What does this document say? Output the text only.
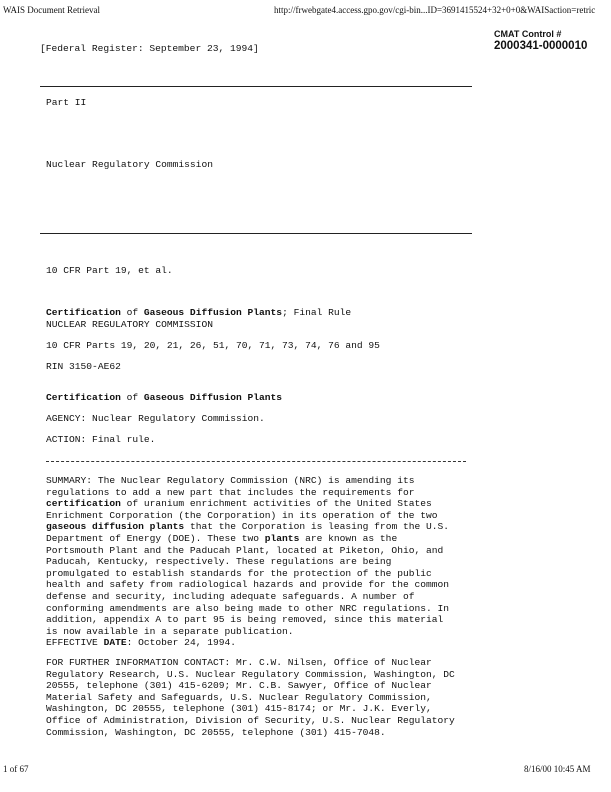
WAIS Document Retrieval	http://frwebgate4.access.gpo.gov/cgi-bin...ID=3691415524+32+0+0&WAISaction=retric
CMAT Control #
2000341-0000010
[Federal Register: September 23, 1994]
Part II
Nuclear Regulatory Commission
10 CFR Part 19, et al.
Certification of Gaseous Diffusion Plants; Final Rule
NUCLEAR REGULATORY COMMISSION
10 CFR Parts 19, 20, 21, 26, 51, 70, 71, 73, 74, 76 and 95
RIN 3150-AE62
Certification of Gaseous Diffusion Plants
AGENCY: Nuclear Regulatory Commission.
ACTION: Final rule.
SUMMARY: The Nuclear Regulatory Commission (NRC) is amending its
regulations to add a new part that includes the requirements for
certification of uranium enrichment activities of the United States
Enrichment Corporation (the Corporation) in its operation of the two
gaseous diffusion plants that the Corporation is leasing from the U.S.
Department of Energy (DOE). These two plants are known as the
Portsmouth Plant and the Paducah Plant, located at Piketon, Ohio, and
Paducah, Kentucky, respectively. These regulations are being
promulgated to establish standards for the protection of the public
health and safety from radiological hazards and provide for the common
defense and security, including adequate safeguards. A number of
conforming amendments are also being made to other NRC regulations. In
addition, appendix A to part 95 is being removed, since this material
is now available in a separate publication.
EFFECTIVE DATE: October 24, 1994.
FOR FURTHER INFORMATION CONTACT: Mr. C.W. Nilsen, Office of Nuclear
Regulatory Research, U.S. Nuclear Regulatory Commission, Washington, DC
20555, telephone (301) 415-6209; Mr. C.B. Sawyer, Office of Nuclear
Material Safety and Safeguards, U.S. Nuclear Regulatory Commission,
Washington, DC 20555, telephone (301) 415-8174; or Mr. J.K. Everly,
Office of Administration, Division of Security, U.S. Nuclear Regulatory
Commission, Washington, DC 20555, telephone (301) 415-7048.
1 of 67	8/16/00 10:45 AM
